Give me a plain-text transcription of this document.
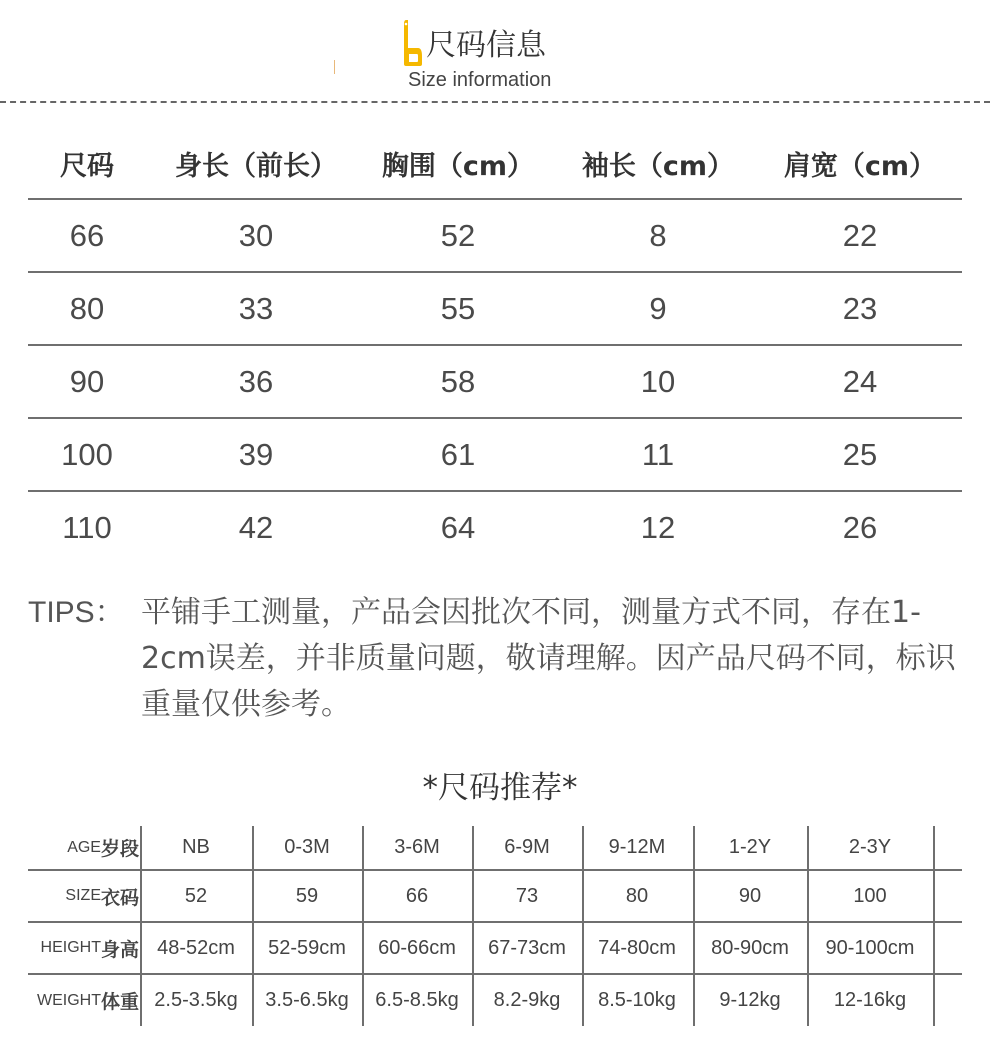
尺码信息
Size information
尺码	身长（前长）	胸围（cm）	袖长（cm）	肩宽（cm）
66	30	52	8	22
80	33	55	9	23
90	36	58	10	24
100	39	61	11	25
110	42	64	12	26
TIPS： 平铺手工测量，产品会因批次不同，测量方式不同，存在1-2cm误差，并非质量问题，敬请理解。因产品尺码不同，标识重量仅供参考。
*尺码推荐*
AGE 岁段	NB	0-3M	3-6M	6-9M	9-12M	1-2Y	2-3Y
SIZE 衣码	52	59	66	73	80	90	100
HEIGHT 身高 48-52cm	52-59cm	60-66cm	67-73cm	74-80cm	80-90cm	90-100cm
WEIGHT 体重 2.5-3.5kg	3.5-6.5kg	6.5-8.5kg	8.2-9kg	8.5-10kg	9-12kg	12-16kg
